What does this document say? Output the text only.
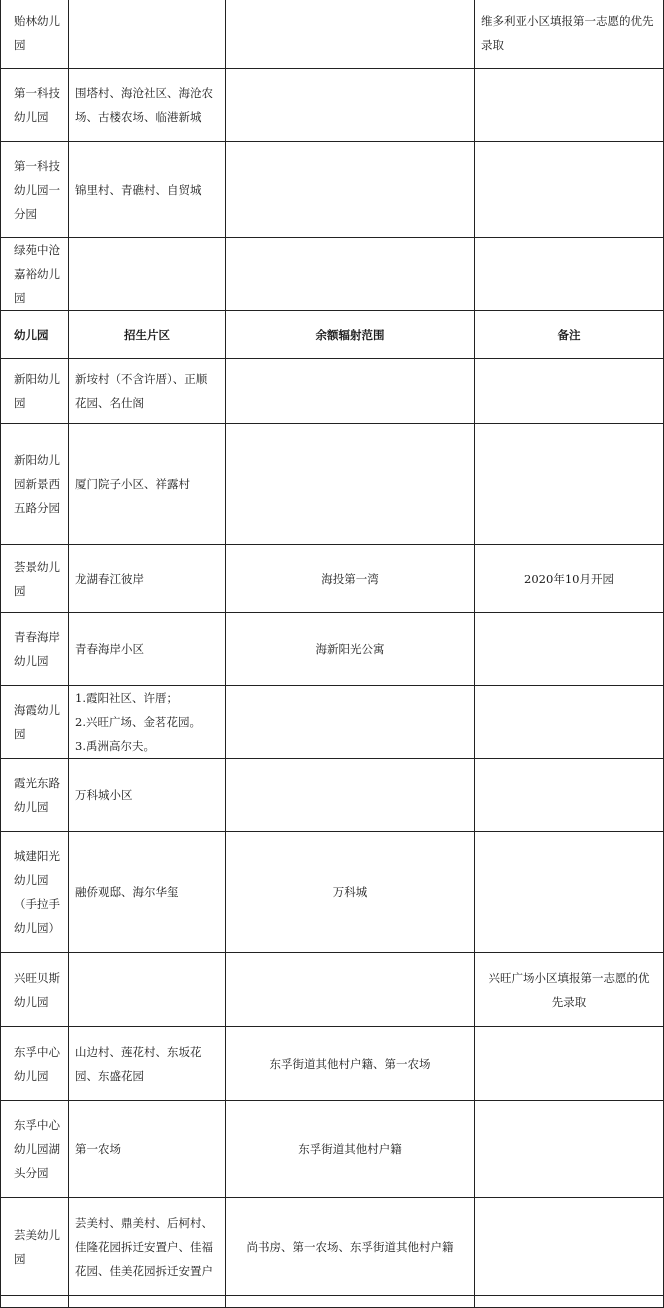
贻林幼儿园			维多利亚小区填报第一志愿的优先录取
第一科技幼儿园	围塔村、海沧社区、海沧农场、古楼农场、临港新城		
第一科技幼儿园一分园	锦里村、青礁村、自贸城		
绿苑中沧嘉裕幼儿园			
幼儿园	招生片区	余额辐射范围	备注
新阳幼儿园	新垵村（不含许厝）、正顺花园、名仕阁		
新阳幼儿园新景西五路分园	厦门院子小区、祥露村		
荟景幼儿园	龙湖春江彼岸	海投第一湾	2020年10月开园
青春海岸幼儿园	青春海岸小区	海新阳光公寓	
海霞幼儿园	1.霞阳社区、许厝；
2.兴旺广场、金茗花园。
3.禹洲高尔夫。		

霞光东路幼儿园	万科城小区		
城建阳光幼儿园（手拉手幼儿园）	融侨观邸、海尔华玺	万科城	
兴旺贝斯幼儿园			兴旺广场小区填报第一志愿的优先录取
东孚中心幼儿园	山边村、莲花村、东坂花园、东盛花园	东孚街道其他村户籍、第一农场	
东孚中心幼儿园湖头分园	第一农场	东孚街道其他村户籍	
芸美幼儿园	芸美村、鼎美村、后柯村、佳隆花园拆迁安置户、佳福花园、佳美花园拆迁安置户	尚书房、第一农场、东孚街道其他村户籍	
